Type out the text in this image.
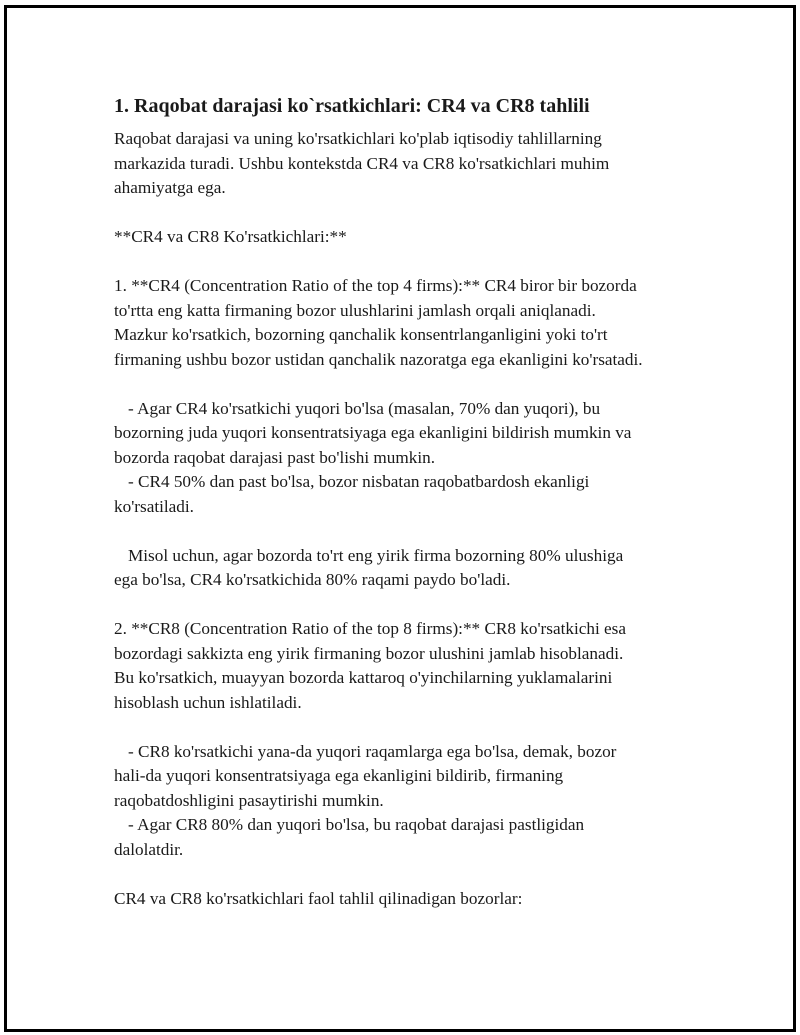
1. Raqobat darajasi ko`rsatkichlari: CR4 va CR8 tahlili

Raqobat darajasi va uning ko'rsatkichlari ko'plab iqtisodiy tahlillarning
markazida turadi. Ushbu kontekstda CR4 va CR8 ko'rsatkichlari muhim
ahamiyatga ega.

**CR4 va CR8 Ko'rsatkichlari:**

1. **CR4 (Concentration Ratio of the top 4 firms):** CR4 biror bir bozorda
to'rtta eng katta firmaning bozor ulushlarini jamlash orqali aniqlanadi.
Mazkur ko'rsatkich, bozorning qanchalik konsentrlanganligini yoki to'rt
firmaning ushbu bozor ustidan qanchalik nazoratga ega ekanligini ko'rsatadi.

- Agar CR4 ko'rsatkichi yuqori bo'lsa (masalan, 70% dan yuqori), bu
bozorning juda yuqori konsentratsiyaga ega ekanligini bildirish mumkin va
bozorda raqobat darajasi past bo'lishi mumkin.

- CR4 50% dan past bo'lsa, bozor nisbatan raqobatbardosh ekanligi
ko'rsatiladi.

Misol uchun, agar bozorda to'rt eng yirik firma bozorning 80% ulushiga
ega bo'lsa, CR4 ko'rsatkichida 80% raqami paydo bo'ladi.

2. **CR8 (Concentration Ratio of the top 8 firms):** CR8 ko'rsatkichi esa
bozordagi sakkizta eng yirik firmaning bozor ulushini jamlab hisoblanadi.
Bu ko'rsatkich, muayyan bozorda kattaroq o'yinchilarning yuklamalarini
hisoblash uchun ishlatiladi.

- CR8 ko'rsatkichi yana-da yuqori raqamlarga ega bo'lsa, demak, bozor
hali-da yuqori konsentratsiyaga ega ekanligini bildirib, firmaning
raqobatdoshligini pasaytirishi mumkin.

- Agar CR8 80% dan yuqori bo'lsa, bu raqobat darajasi pastligidan
dalolatdir.

CR4 va CR8 ko'rsatkichlari faol tahlil qilinadigan bozorlar:
